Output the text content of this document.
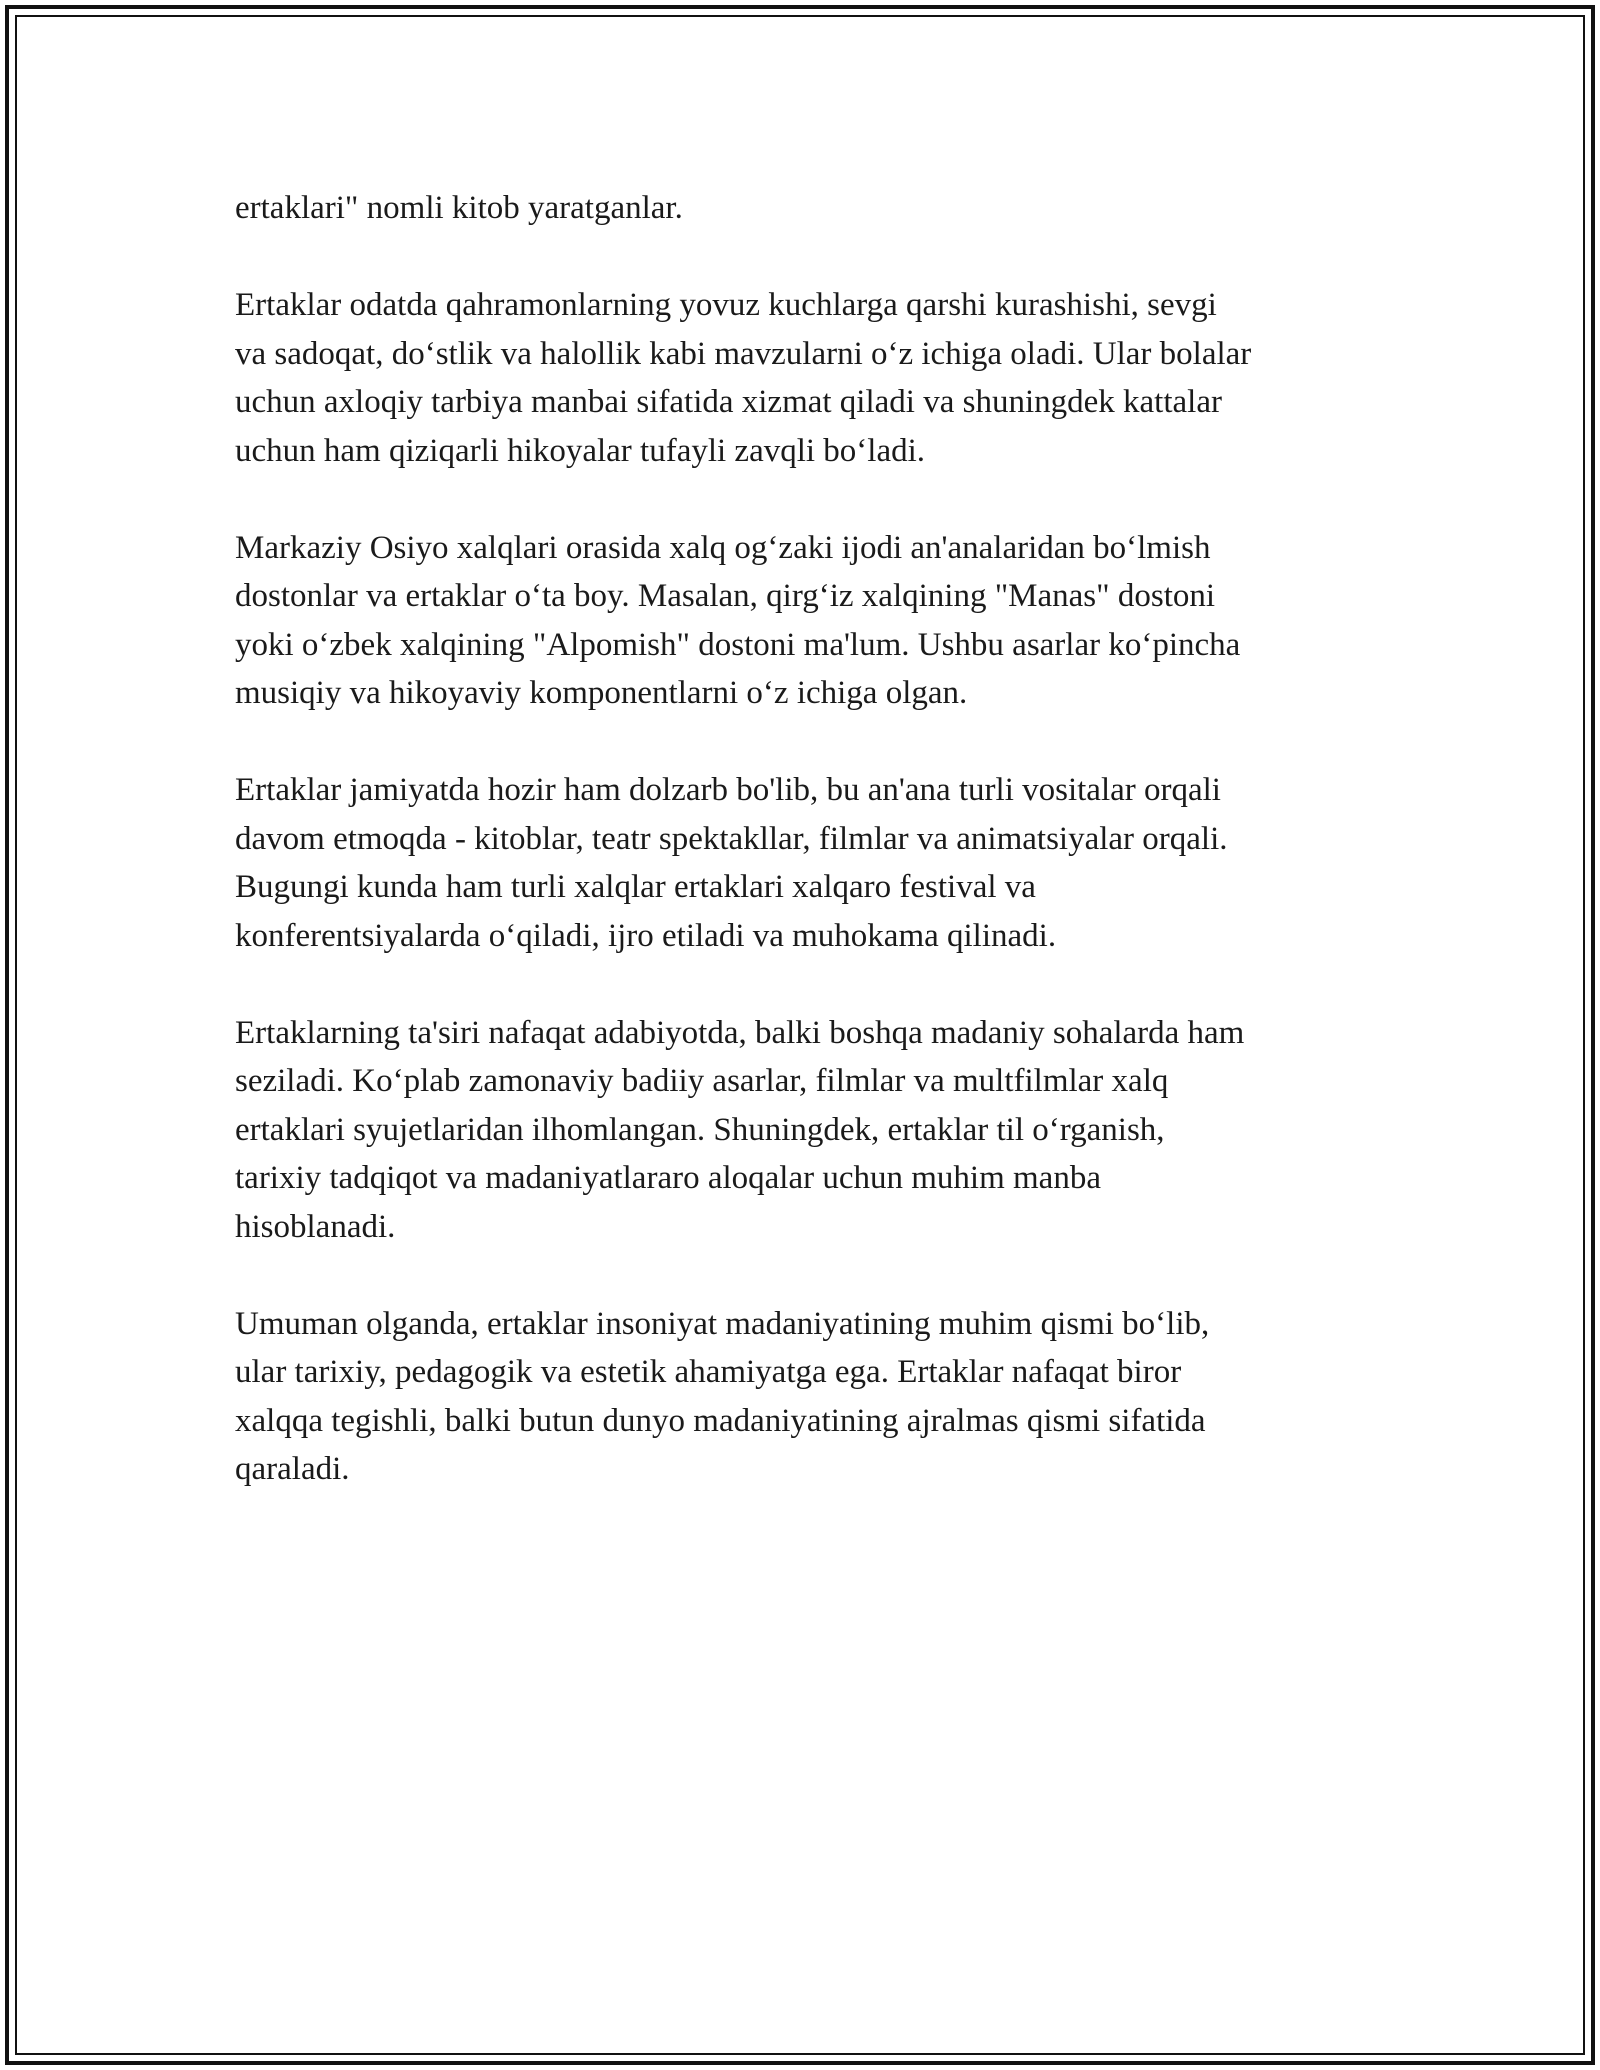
ertaklari" nomli kitob yaratganlar.

Ertaklar odatda qahramonlarning yovuz kuchlarga qarshi kurashishi, sevgi
va sadoqat, do‘stlik va halollik kabi mavzularni o‘z ichiga oladi. Ular bolalar
uchun axloqiy tarbiya manbai sifatida xizmat qiladi va shuningdek kattalar
uchun ham qiziqarli hikoyalar tufayli zavqli bo‘ladi.

Markaziy Osiyo xalqlari orasida xalq og‘zaki ijodi an'analaridan bo‘lmish
dostonlar va ertaklar o‘ta boy. Masalan, qirg‘iz xalqining "Manas" dostoni
yoki o‘zbek xalqining "Alpomish" dostoni ma'lum. Ushbu asarlar ko‘pincha
musiqiy va hikoyaviy komponentlarni o‘z ichiga olgan.

Ertaklar jamiyatda hozir ham dolzarb bo'lib, bu an'ana turli vositalar orqali
davom etmoqda - kitoblar, teatr spektakllar, filmlar va animatsiyalar orqali.
Bugungi kunda ham turli xalqlar ertaklari xalqaro festival va
konferentsiyalarda o‘qiladi, ijro etiladi va muhokama qilinadi.

Ertaklarning ta'siri nafaqat adabiyotda, balki boshqa madaniy sohalarda ham
seziladi. Ko‘plab zamonaviy badiiy asarlar, filmlar va multfilmlar xalq
ertaklari syujetlaridan ilhomlangan. Shuningdek, ertaklar til o‘rganish,
tarixiy tadqiqot va madaniyatlararo aloqalar uchun muhim manba
hisoblanadi.

Umuman olganda, ertaklar insoniyat madaniyatining muhim qismi bo‘lib,
ular tarixiy, pedagogik va estetik ahamiyatga ega. Ertaklar nafaqat biror
xalqqa tegishli, balki butun dunyo madaniyatining ajralmas qismi sifatida
qaraladi.
